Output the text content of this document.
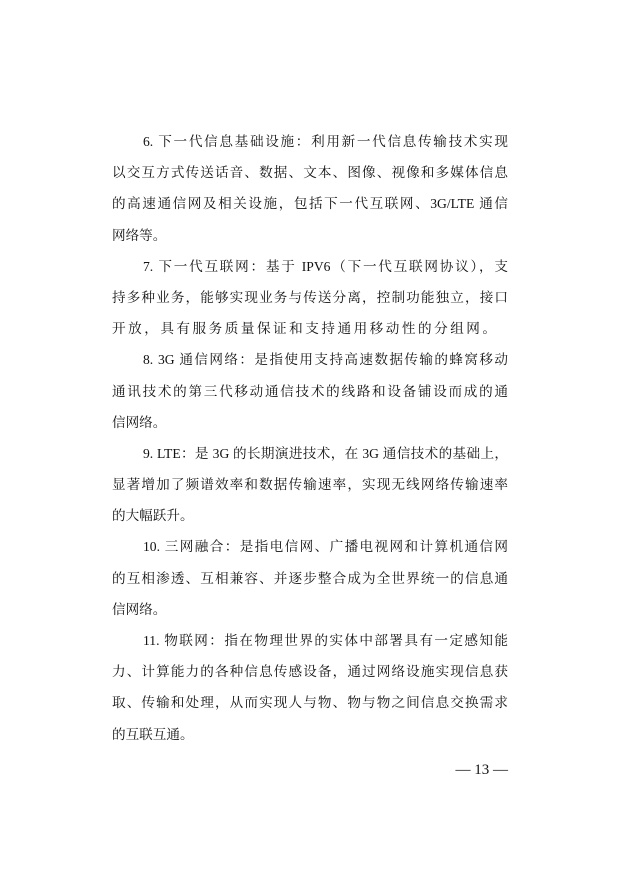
6. 下一代信息基础设施：利用新一代信息传输技术实现
以交互方式传送话音、数据、文本、图像、视像和多媒体信息
的高速通信网及相关设施，包括下一代互联网、3G/LTE 通信
网络等。
7. 下一代互联网：基于 IPV6（下一代互联网协议），支
持多种业务，能够实现业务与传送分离，控制功能独立，接口
开放，具有服务质量保证和支持通用移动性的分组网。
8. 3G 通信网络：是指使用支持高速数据传输的蜂窝移动
通讯技术的第三代移动通信技术的线路和设备铺设而成的通
信网络。
9. LTE：是 3G 的长期演进技术，在 3G 通信技术的基础上，
显著增加了频谱效率和数据传输速率，实现无线网络传输速率
的大幅跃升。
10. 三网融合：是指电信网、广播电视网和计算机通信网
的互相渗透、互相兼容、并逐步整合成为全世界统一的信息通
信网络。
11. 物联网：指在物理世界的实体中部署具有一定感知能
力、计算能力的各种信息传感设备，通过网络设施实现信息获
取、传输和处理，从而实现人与物、物与物之间信息交换需求
的互联互通。
— 13 —
